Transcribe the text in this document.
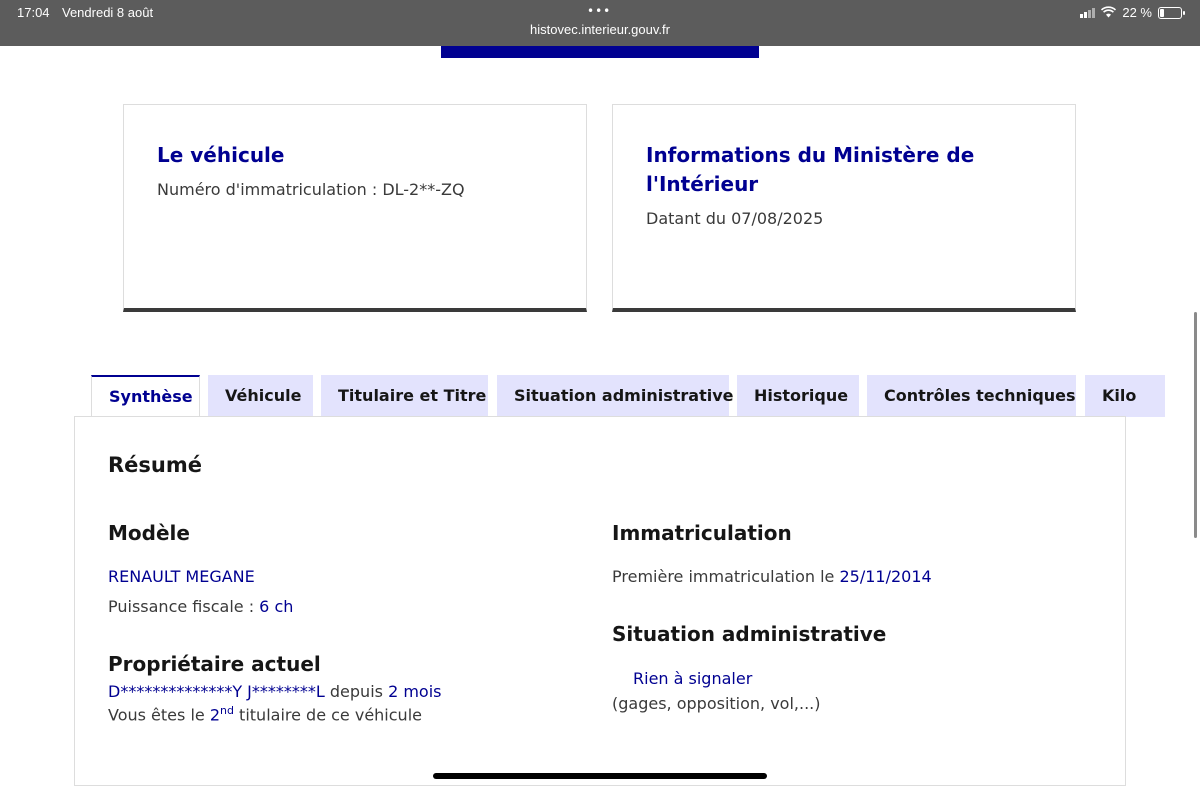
17:04 Vendredi 8 août	•••
histovec.interieur.gouv.fr
22 %
Le véhicule
Numéro d'immatriculation : DL-2**-ZQ
Informations du Ministère de l'Intérieur
Datant du 07/08/2025
Synthèse	Véhicule	Titulaire et Titre	Situation administrative	Historique	Contrôles techniques	Kilo
Résumé
Modèle
RENAULT MEGANE
Puissance fiscale : 6 ch
Propriétaire actuel
D**************Y J********L depuis 2 mois
Vous êtes le 2nd titulaire de ce véhicule
Immatriculation
Première immatriculation le 25/11/2014
Situation administrative
Rien à signaler
(gages, opposition, vol,...)
